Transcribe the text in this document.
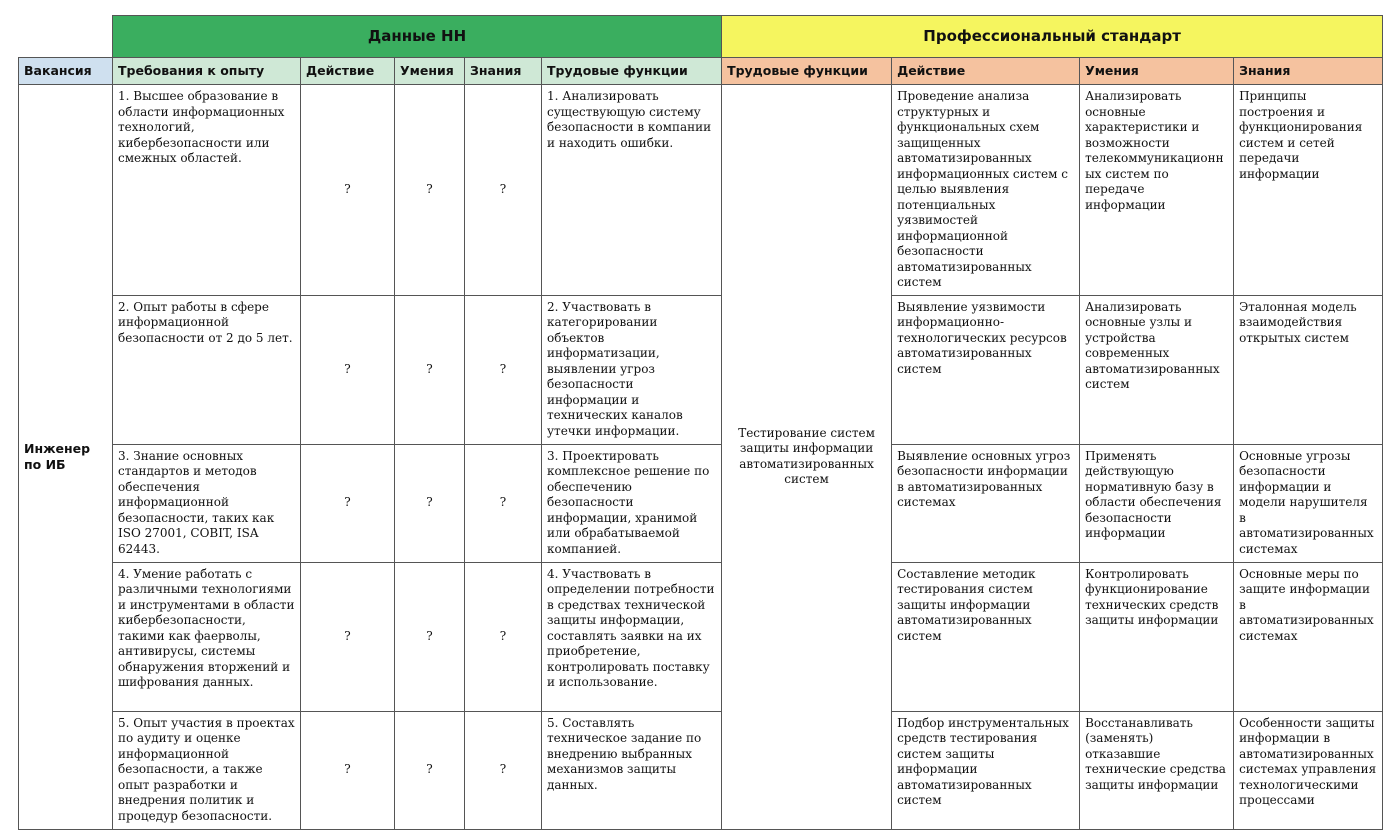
	Данные НН					Профессиональный стандарт			
Вакансия	Требования к опыту	Действие	Умения	Знания	Трудовые функции	Трудовые функции	Действие	Умения	Знания
Инженер по ИБ	1. Высшее образование в области информационных технологий, кибербезопасности или смежных областей.	?	?	?	1. Анализировать существующую систему безопасности в компании и находить ошибки.	Тестирование систем защиты информации автоматизированных систем	Проведение анализа структурных и функциональных схем защищенных автоматизированных информационных систем с целью выявления потенциальных уязвимостей информационной безопасности автоматизированных систем	Анализировать основные характеристики и возможности телекоммуникационных систем по передаче информации	Принципы построения и функционирования систем и сетей передачи информации
	2. Опыт работы в сфере информационной безопасности от 2 до 5 лет.	?	?	?	2. Участвовать в категорировании объектов информатизации, выявлении угроз безопасности информации и технических каналов утечки информации.		Выявление уязвимости информационно-технологических ресурсов автоматизированных систем	Анализировать основные узлы и устройства современных автоматизированных систем	Эталонная модель взаимодействия открытых систем
	3. Знание основных стандартов и методов обеспечения информационной безопасности, таких как ISO 27001, COBIT, ISA 62443.	?	?	?	3. Проектировать комплексное решение по обеспечению безопасности информации, хранимой или обрабатываемой компанией.		Выявление основных угроз безопасности информации в автоматизированных системах	Применять действующую нормативную базу в области обеспечения безопасности информации	Основные угрозы безопасности информации и модели нарушителя в автоматизированных системах
	4. Умение работать с различными технологиями и инструментами в области кибербезопасности, такими как фаерволы, антивирусы, системы обнаружения вторжений и шифрования данных.	?	?	?	4. Участвовать в определении потребности в средствах технической защиты информации, составлять заявки на их приобретение, контролировать поставку и использование.		Составление методик тестирования систем защиты информации автоматизированных систем	Контролировать функционирование технических средств защиты информации	Основные меры по защите информации в автоматизированных системах
	5. Опыт участия в проектах по аудиту и оценке информационной безопасности, а также опыт разработки и внедрения политик и процедур безопасности.	?	?	?	5. Составлять техническое задание по внедрению выбранных механизмов защиты данных.		Подбор инструментальных средств тестирования систем защиты информации автоматизированных систем	Восстанавливать (заменять) отказавшие технические средства защиты информации	Особенности защиты информации в автоматизированных системах управления технологическими процессами
